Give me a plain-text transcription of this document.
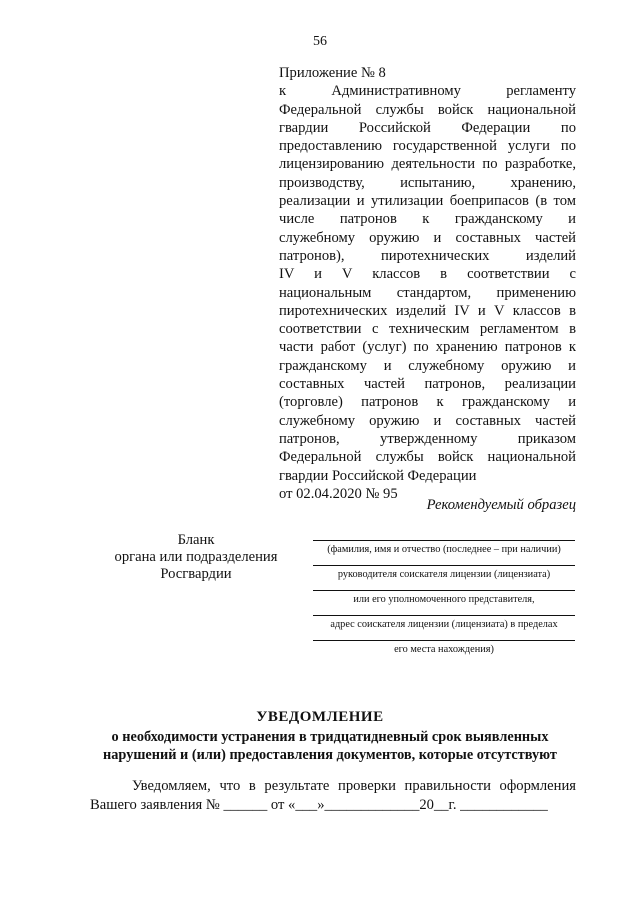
56
Приложение № 8
к Административному регламенту
Федеральной службы войск национальной
гвардии Российской Федерации по
предоставлению государственной услуги по
лицензированию деятельности по разработке,
производству, испытанию, хранению,
реализации и утилизации боеприпасов (в том
числе патронов к гражданскому и
служебному оружию и составных частей
патронов), пиротехнических изделий
IV и V классов в соответствии с
национальным стандартом, применению
пиротехнических изделий IV и V классов в
соответствии с техническим регламентом в
части работ (услуг) по хранению патронов к
гражданскому и служебному оружию и
составных частей патронов, реализации
(торговле) патронов к гражданскому и
служебному оружию и составных частей
патронов, утвержденному приказом
Федеральной службы войск национальной
гвардии Российской Федерации
от 02.04.2020 № 95
Рекомендуемый образец
Бланк
органа или подразделения
Росгвардии
(фамилия, имя и отчество (последнее – при наличии)
руководителя соискателя лицензии (лицензиата)
или его уполномоченного представителя,
адрес соискателя лицензии (лицензиата) в пределах
его места нахождения)
УВЕДОМЛЕНИЕ
о необходимости устранения в тридцатидневный срок выявленных
нарушений и (или) предоставления документов, которые отсутствуют
Уведомляем, что в результате проверки правильности оформления
Вашего заявления № ______ от «___»_____________20__г. ____________
